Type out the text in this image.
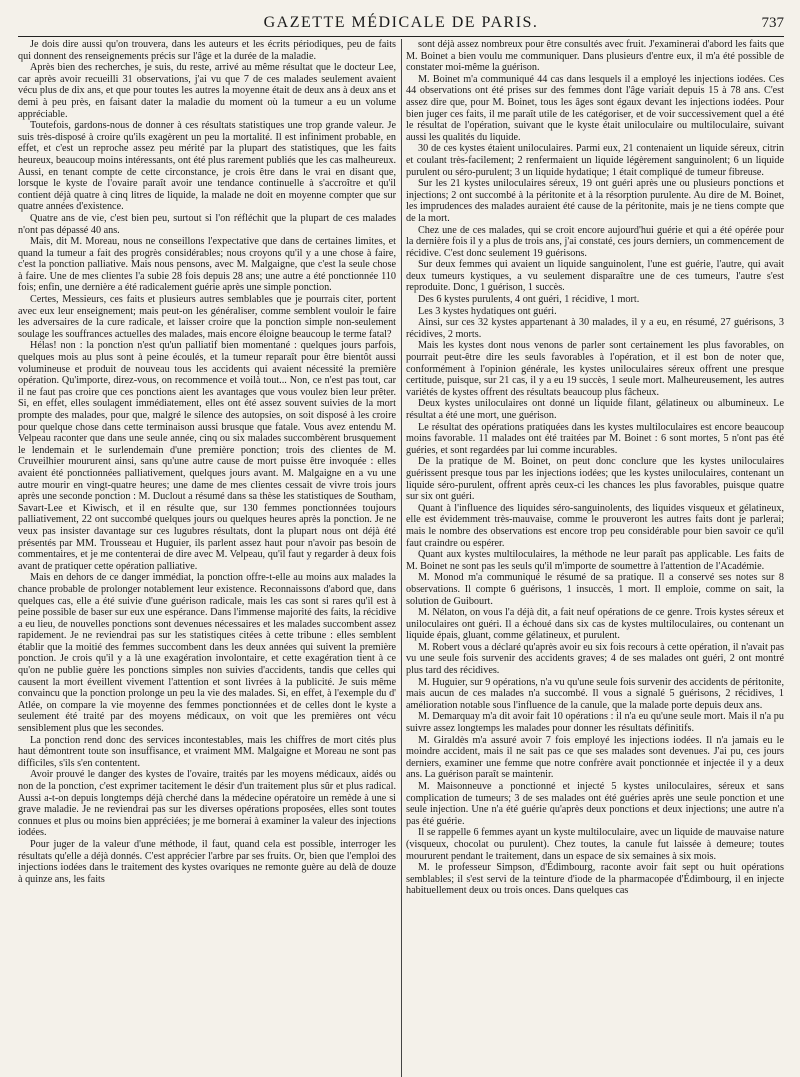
GAZETTE MÉDICALE DE PARIS.	737

Je dois dire aussi qu'on trouvera, dans les auteurs et les écrits périodiques, peu de faits qui donnent des renseignements précis sur l'âge et la durée de la maladie.

Après bien des recherches, je suis, du reste, arrivé au même résultat que le docteur Lee, car après avoir recueilli 31 observations, j'ai vu que 7 de ces malades seulement avaient vécu plus de dix ans, et que pour toutes les autres la moyenne était de deux ans à deux ans et demi à peu près, en faisant dater la maladie du moment où la tumeur a eu un volume appréciable.

Toutefois, gardons-nous de donner à ces résultats statistiques une trop grande valeur. Je suis très-disposé à croire qu'ils exagèrent un peu la mortalité. Il est infiniment probable, en effet, et c'est un reproche assez peu mérité par la plupart des statistiques, que les faits heureux, beaucoup moins intéressants, ont été plus rarement publiés que les cas malheureux. Aussi, en tenant compte de cette circonstance, je crois être dans le vrai en disant que, lorsque le kyste de l'ovaire paraît avoir une tendance continuelle à s'accroître et qu'il contient déjà quatre à cinq litres de liquide, la malade ne doit en moyenne compter que sur quatre années d'existence.

Quatre ans de vie, c'est bien peu, surtout si l'on réfléchit que la plupart de ces malades n'ont pas dépassé 40 ans.

Mais, dit M. Moreau, nous ne conseillons l'expectative que dans de certaines limites, et quand la tumeur a fait des progrès considérables; nous croyons qu'il y a une chose à faire, c'est la ponction palliative. Mais nous pensons, avec M. Malgaigne, que c'est la seule chose à faire. Une de mes clientes l'a subie 28 fois depuis 28 ans; une autre a été ponctionnée 110 fois; enfin, une dernière a été radicalement guérie après une simple ponction.

Certes, Messieurs, ces faits et plusieurs autres semblables que je pourrais citer, portent avec eux leur enseignement; mais peut-on les généraliser, comme semblent vouloir le faire les adversaires de la cure radicale, et laisser croire que la ponction simple non-seulement soulage les souffrances actuelles des malades, mais encore éloigne beaucoup le terme fatal?

Hélas! non : la ponction n'est qu'un palliatif bien momentané : quelques jours parfois, quelques mois au plus sont à peine écoulés, et la tumeur reparaît pour être bientôt aussi volumineuse et produit de nouveau tous les accidents qui avaient nécessité la première opération. Qu'importe, direz-vous, on recommence et voilà tout... Non, ce n'est pas tout, car il ne faut pas croire que ces ponctions aient les avantages que vous voulez bien leur prêter. Si, en effet, elles soulagent immédiatement, elles ont été assez souvent suivies de la mort prompte des malades, pour que, malgré le silence des autopsies, on soit disposé à les croire pour quelque chose dans cette terminaison aussi brusque que fatale. Vous avez entendu M. Velpeau raconter que dans une seule année, cinq ou six malades succombèrent brusquement le lendemain et le surlendemain d'une première ponction; trois des clientes de M. Cruveilhier moururent ainsi, sans qu'une autre cause de mort puisse être invoquée : elles avaient été ponctionnées palliativement, quelques jours avant. M. Malgaigne en a vu une autre mourir en vingt-quatre heures; une dame de mes clientes cessait de vivre trois jours après une seconde ponction : M. Duclout a résumé dans sa thèse les statistiques de Southam, Savart-Lee et Kiwisch, et il en résulte que, sur 130 femmes ponctionnées toujours palliativement, 22 ont succombé quelques jours ou quelques heures après la ponction. Je ne veux pas insister davantage sur ces lugubres résultats, dont la plupart nous ont déjà été présentés par MM. Trousseau et Huguier, ils parlent assez haut pour n'avoir pas besoin de commentaires, et je me contenterai de dire avec M. Velpeau, qu'il faut y regarder à deux fois avant de pratiquer cette opération palliative.

Mais en dehors de ce danger immédiat, la ponction offre-t-elle au moins aux malades la chance probable de prolonger notablement leur existence. Reconnaissons d'abord que, dans quelques cas, elle a été suivie d'une guérison radicale, mais les cas sont si rares qu'il est à peine possible de baser sur eux une espérance. Dans l'immense majorité des faits, la récidive a eu lieu, de nouvelles ponctions sont devenues nécessaires et les malades succombent assez rapidement. Je ne reviendrai pas sur les statistiques citées à cette tribune : elles semblent établir que la moitié des femmes succombent dans les deux années qui suivent la première ponction. Je crois qu'il y a là une exagération involontaire, et cette exagération tient à ce qu'on ne publie guère les ponctions simples non suivies d'accidents, tandis que celles qui causent la mort éveillent vivement l'attention et sont livrées à la publicité. Je suis même convaincu que la ponction prolonge un peu la vie des malades. Si, en effet, à l'exemple du d' Atlée, on compare la vie moyenne des femmes ponctionnées et de celles dont le kyste a seulement été traité par des moyens médicaux, on voit que les premières ont vécu sensiblement plus que les secondes.

La ponction rend donc des services incontestables, mais les chiffres de mort cités plus haut démontrent toute son insuffisance, et vraiment MM. Malgaigne et Moreau ne sont pas difficiles, s'ils s'en contentent.

Avoir prouvé le danger des kystes de l'ovaire, traités par les moyens médicaux, aidés ou non de la ponction, c'est exprimer tacitement le désir d'un traitement plus sûr et plus radical. Aussi a-t-on depuis longtemps déjà cherché dans la médecine opératoire un remède à une si grave maladie. Je ne reviendrai pas sur les diverses opérations proposées, elles sont toutes connues et plus ou moins bien appréciées; je me bornerai à examiner la valeur des injections iodées.

Pour juger de la valeur d'une méthode, il faut, quand cela est possible, interroger les résultats qu'elle a déjà donnés. C'est apprécier l'arbre par ses fruits. Or, bien que l'emploi des injections iodées dans le traitement des kystes ovariques ne remonte guère au delà de douze à quinze ans, les faits

sont déjà assez nombreux pour être consultés avec fruit. J'examinerai d'abord les faits que M. Boinet a bien voulu me communiquer. Dans plusieurs d'entre eux, il m'a été possible de constater moi-même la guérison.

M. Boinet m'a communiqué 44 cas dans lesquels il a employé les injections iodées. Ces 44 observations ont été prises sur des femmes dont l'âge variait depuis 15 à 78 ans. C'est assez dire que, pour M. Boinet, tous les âges sont égaux devant les injections iodées. Pour bien juger ces faits, il me paraît utile de les catégoriser, et de voir successivement quel a été le résultat de l'opération, suivant que le kyste était uniloculaire ou multiloculaire, suivant aussi les qualités du liquide.

30 de ces kystes étaient uniloculaires. Parmi eux, 21 contenaient un liquide séreux, citrin et coulant très-facilement; 2 renfermaient un liquide légèrement sanguinolent; 6 un liquide purulent ou séro-purulent; 3 un liquide hydatique; 1 était compliqué de tumeur fibreuse.

Sur les 21 kystes uniloculaires séreux, 19 ont guéri après une ou plusieurs ponctions et injections; 2 ont succombé à la péritonite et à la résorption purulente. Au dire de M. Boinet, les imprudences des malades auraient été cause de la péritonite, mais je ne tiens compte que de la mort.

Chez une de ces malades, qui se croit encore aujourd'hui guérie et qui a été opérée pour la dernière fois il y a plus de trois ans, j'ai constaté, ces jours derniers, un commencement de récidive. C'est donc seulement 19 guérisons.

Sur deux femmes qui avaient un liquide sanguinolent, l'une est guérie, l'autre, qui avait deux tumeurs kystiques, a vu seulement disparaître une de ces tumeurs, l'autre s'est reproduite. Donc, 1 guérison, 1 succès.

Des 6 kystes purulents, 4 ont guéri, 1 récidive, 1 mort.

Les 3 kystes hydatiques ont guéri.

Ainsi, sur ces 32 kystes appartenant à 30 malades, il y a eu, en résumé, 27 guérisons, 3 récidives, 2 morts.

Mais les kystes dont nous venons de parler sont certainement les plus favorables, on pourrait peut-être dire les seuls favorables à l'opération, et il est bon de noter que, conformément à l'opinion générale, les kystes uniloculaires séreux offrent une presque certitude, puisque, sur 21 cas, il y a eu 19 succès, 1 seule mort. Malheureusement, les autres variétés de kystes offrent des résultats beaucoup plus fâcheux.

Deux kystes uniloculaires ont donné un liquide filant, gélatineux ou albumineux. Le résultat a été une mort, une guérison.

Le résultat des opérations pratiquées dans les kystes multiloculaires est encore beaucoup moins favorable. 11 malades ont été traitées par M. Boinet : 6 sont mortes, 5 n'ont pas été guéries, et sont regardées par lui comme incurables.

De la pratique de M. Boinet, on peut donc conclure que les kystes uniloculaires guérissent presque tous par les injections iodées; que les kystes uniloculaires, contenant un liquide séro-purulent, offrent après ceux-ci les chances les plus favorables, puisque quatre sur six ont guéri.

Quant à l'influence des liquides séro-sanguinolents, des liquides visqueux et gélatineux, elle est évidemment très-mauvaise, comme le prouveront les autres faits dont je parlerai; mais le nombre des observations est encore trop peu considérable pour bien savoir ce qu'il faut craindre ou espérer.

Quant aux kystes multiloculaires, la méthode ne leur paraît pas applicable. Les faits de M. Boinet ne sont pas les seuls qu'il m'importe de soumettre à l'attention de l'Académie.

M. Monod m'a communiqué le résumé de sa pratique. Il a conservé ses notes sur 8 observations. Il compte 6 guérisons, 1 insuccès, 1 mort. Il emploie, comme on sait, la solution de Guibourt.

M. Nélaton, on vous l'a déjà dit, a fait neuf opérations de ce genre. Trois kystes séreux et uniloculaires ont guéri. Il a échoué dans six cas de kystes multiloculaires, ou contenant un liquide épais, gluant, comme gélatineux, et purulent.

M. Robert vous a déclaré qu'après avoir eu six fois recours à cette opération, il n'avait pas vu une seule fois survenir des accidents graves; 4 de ses malades ont guéri, 2 ont montré plus tard des récidives.

M. Huguier, sur 9 opérations, n'a vu qu'une seule fois survenir des accidents de péritonite, mais aucun de ces malades n'a succombé. Il vous a signalé 5 guérisons, 2 récidives, 1 amélioration notable sous l'influence de la canule, que la malade porte depuis deux ans.

M. Demarquay m'a dit avoir fait 10 opérations : il n'a eu qu'une seule mort. Mais il n'a pu suivre assez longtemps les malades pour donner les résultats définitifs.

M. Giraldès m'a assuré avoir 7 fois employé les injections iodées. Il n'a jamais eu le moindre accident, mais il ne sait pas ce que ses malades sont devenues. J'ai pu, ces jours derniers, examiner une femme que notre confrère avait ponctionnée et injectée il y a deux ans. La guérison paraît se maintenir.

M. Maisonneuve a ponctionné et injecté 5 kystes uniloculaires, séreux et sans complication de tumeurs; 3 de ses malades ont été guéries après une seule ponction et une seule injection. Une n'a été guérie qu'après deux ponctions et deux injections; une autre n'a pas été guérie.

Il se rappelle 6 femmes ayant un kyste multiloculaire, avec un liquide de mauvaise nature (visqueux, chocolat ou purulent). Chez toutes, la canule fut laissée à demeure; toutes moururent pendant le traitement, dans un espace de six semaines à six mois.

M. le professeur Simpson, d'Édimbourg, raconte avoir fait sept ou huit opérations semblables; il s'est servi de la teinture d'iode de la pharmacopée d'Édimbourg, il en injecte habituellement deux ou trois onces. Dans quelques cas
